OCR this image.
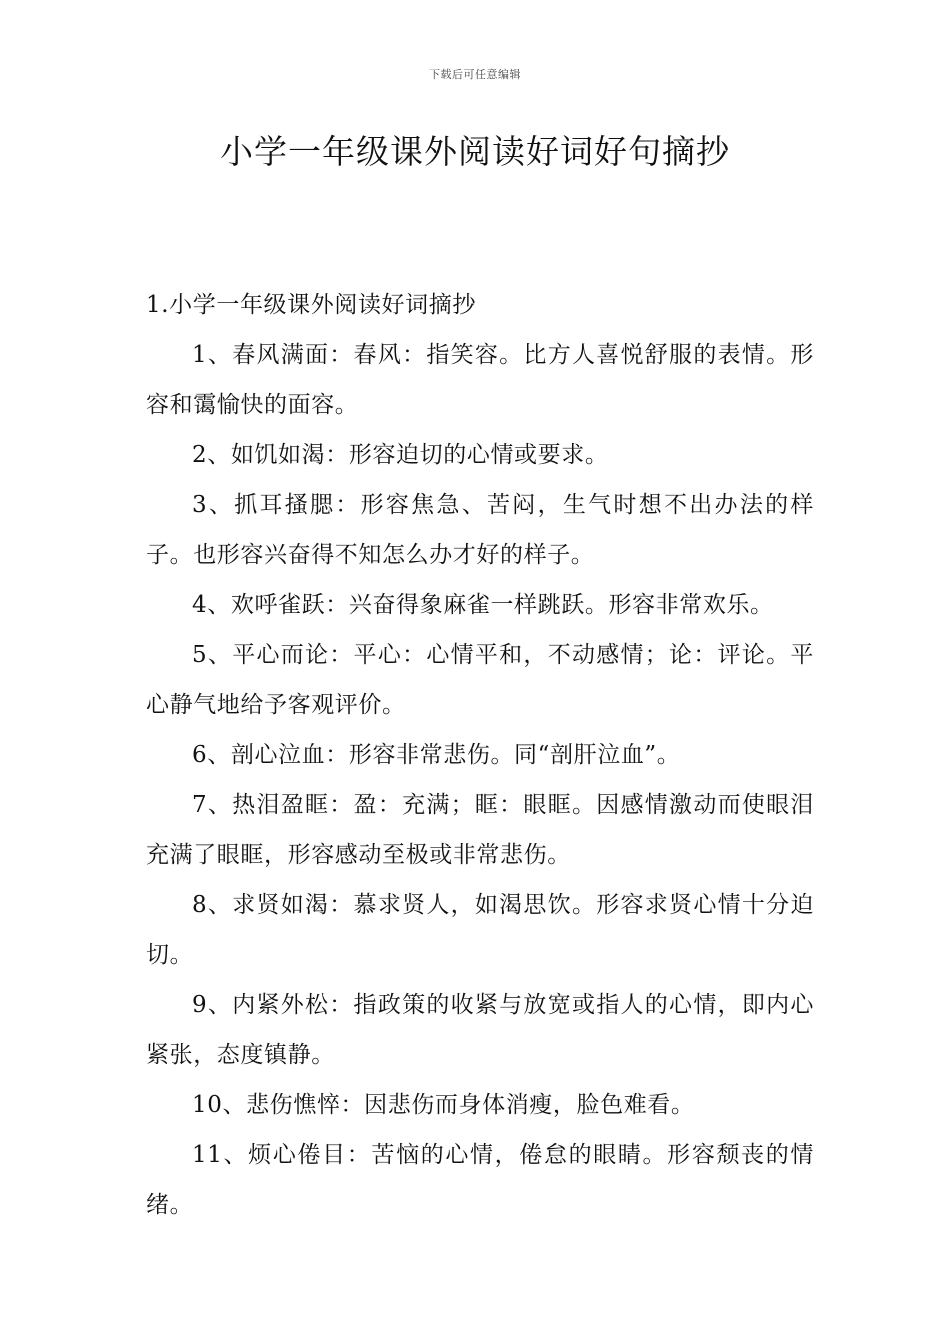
下载后可任意编辑
小学一年级课外阅读好词好句摘抄
1.小学一年级课外阅读好词摘抄

1、春风满面：春风：指笑容。比方人喜悦舒服的表情。形容和霭愉快的面容。

2、如饥如渴：形容迫切的心情或要求。

3、抓耳搔腮：形容焦急、苦闷，生气时想不出办法的样子。也形容兴奋得不知怎么办才好的样子。

4、欢呼雀跃：兴奋得象麻雀一样跳跃。形容非常欢乐。

5、平心而论：平心：心情平和，不动感情；论：评论。平心静气地给予客观评价。

6、剖心泣血：形容非常悲伤。同“剖肝泣血”。

7、热泪盈眶：盈：充满；眶：眼眶。因感情激动而使眼泪充满了眼眶，形容感动至极或非常悲伤。

8、求贤如渴：慕求贤人，如渴思饮。形容求贤心情十分迫切。

9、内紧外松：指政策的收紧与放宽或指人的心情，即内心紧张，态度镇静。

10、悲伤憔悴：因悲伤而身体消瘦，脸色难看。

11、烦心倦目：苦恼的心情，倦怠的眼睛。形容颓丧的情绪。
